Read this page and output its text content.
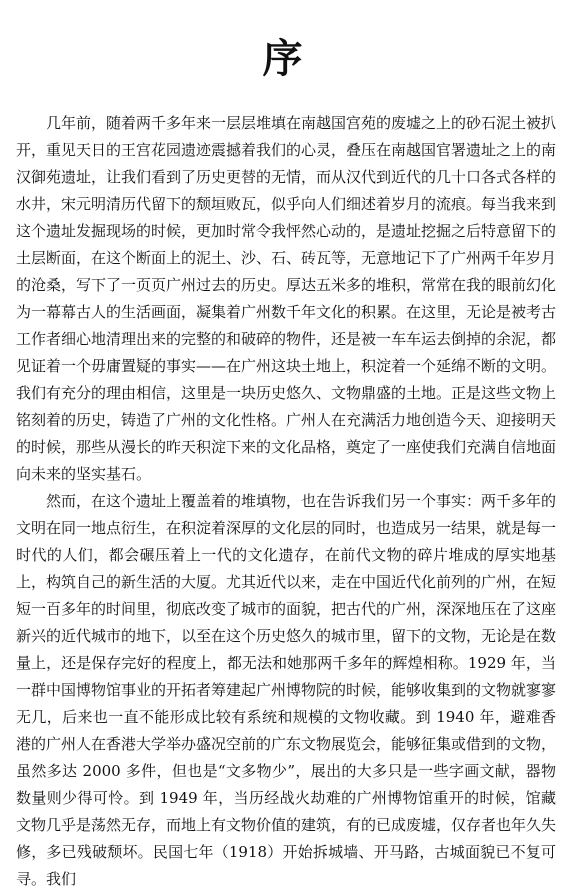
序

几年前，随着两千多年来一层层堆填在南越国宫苑的废墟之上的砂石泥土被扒开，重见天日的王宫花园遗迹震撼着我们的心灵，叠压在南越国官署遗址之上的南汉御苑遗址，让我们看到了历史更替的无情，而从汉代到近代的几十口各式各样的水井，宋元明清历代留下的颓垣败瓦，似乎向人们细述着岁月的流痕。每当我来到这个遗址发掘现场的时候，更加时常令我怦然心动的，是遗址挖掘之后特意留下的土层断面，在这个断面上的泥土、沙、石、砖瓦等，无意地记下了广州两千年岁月的沧桑，写下了一页页广州过去的历史。厚达五米多的堆积，常常在我的眼前幻化为一幕幕古人的生活画面，凝集着广州数千年文化的积累。在这里，无论是被考古工作者细心地清理出来的完整的和破碎的物件，还是被一车车运去倒掉的余泥，都见证着一个毋庸置疑的事实——在广州这块土地上，积淀着一个延绵不断的文明。我们有充分的理由相信，这里是一块历史悠久、文物鼎盛的土地。正是这些文物上铭刻着的历史，铸造了广州的文化性格。广州人在充满活力地创造今天、迎接明天的时候，那些从漫长的昨天积淀下来的文化品格，奠定了一座使我们充满自信地面向未来的坚实基石。

然而，在这个遗址上覆盖着的堆填物，也在告诉我们另一个事实：两千多年的文明在同一地点衍生，在积淀着深厚的文化层的同时，也造成另一结果，就是每一时代的人们，都会碾压着上一代的文化遗存，在前代文物的碎片堆成的厚实地基上，构筑自己的新生活的大厦。尤其近代以来，走在中国近代化前列的广州，在短短一百多年的时间里，彻底改变了城市的面貌，把古代的广州，深深地压在了这座新兴的近代城市的地下，以至在这个历史悠久的城市里，留下的文物，无论是在数量上，还是保存完好的程度上，都无法和她那两千多年的辉煌相称。1929 年，当一群中国博物馆事业的开拓者筹建起广州博物院的时候，能够收集到的文物就寥寥无几，后来也一直不能形成比较有系统和规模的文物收藏。到 1940 年，避难香港的广州人在香港大学举办盛况空前的广东文物展览会，能够征集或借到的文物，虽然多达 2000 多件，但也是“文多物少”，展出的大多只是一些字画文献，器物数量则少得可怜。到 1949 年，当历经战火劫难的广州博物馆重开的时候，馆藏文物几乎是荡然无存，而地上有文物价值的建筑，有的已成废墟，仅存者也年久失修，多已残破颓坏。民国七年（1918）开始拆城墙、开马路，古城面貌已不复可寻。我们
